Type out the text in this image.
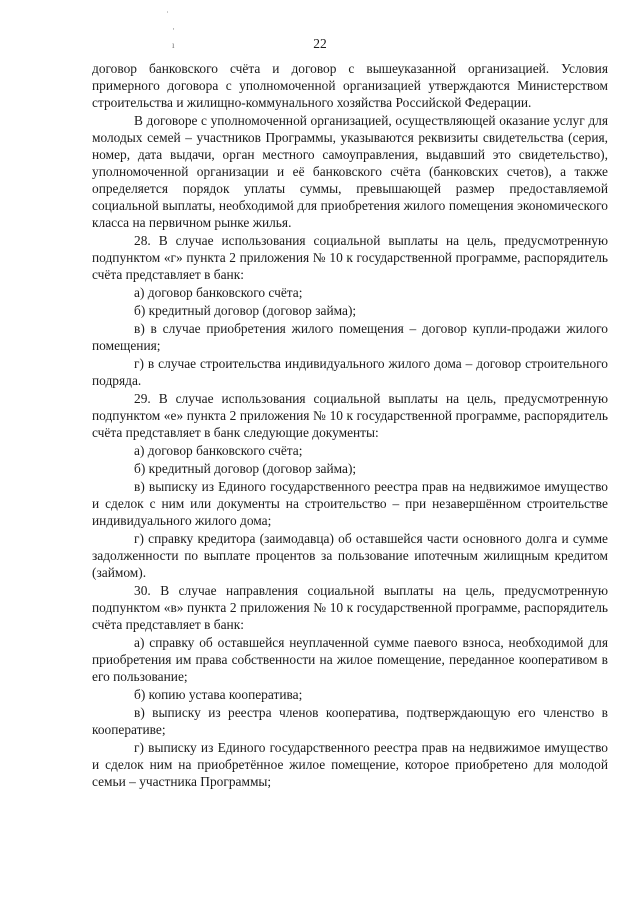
˙
·
ı	22

договор банковского счёта и договор с вышеуказанной организацией. Условия примерного договора с уполномоченной организацией утверждаются Министерством строительства и жилищно-коммунального хозяйства Российской Федерации.

В договоре с уполномоченной организацией, осуществляющей оказание услуг для молодых семей – участников Программы, указываются реквизиты свидетельства (серия, номер, дата выдачи, орган местного самоуправления, выдавший это свидетельство), уполномоченной организации и её банковского счёта (банковских счетов), а также определяется порядок уплаты суммы, превышающей размер предоставляемой социальной выплаты, необходимой для приобретения жилого помещения экономического класса на первичном рынке жилья.

28. В случае использования социальной выплаты на цель, предусмотренную подпунктом «г» пункта 2 приложения № 10 к государственной программе, распорядитель счёта представляет в банк:

а) договор банковского счёта;

б) кредитный договор (договор займа);

в) в случае приобретения жилого помещения – договор купли-продажи жилого помещения;

г) в случае строительства индивидуального жилого дома – договор строительного подряда.

29. В случае использования социальной выплаты на цель, предусмотренную подпунктом «е» пункта 2 приложения № 10 к государственной программе, распорядитель счёта представляет в банк следующие документы:

а) договор банковского счёта;

б) кредитный договор (договор займа);

в) выписку из Единого государственного реестра прав на недвижимое имущество и сделок с ним или документы на строительство – при незавершённом строительстве индивидуального жилого дома;

г) справку кредитора (заимодавца) об оставшейся части основного долга и сумме задолженности по выплате процентов за пользование ипотечным жилищным кредитом (займом).

30. В случае направления социальной выплаты на цель, предусмотренную подпунктом «в» пункта 2 приложения № 10 к государственной программе, распорядитель счёта представляет в банк:

а) справку об оставшейся неуплаченной сумме паевого взноса, необходимой для приобретения им права собственности на жилое помещение, переданное кооперативом в его пользование;

б) копию устава кооператива;

в) выписку из реестра членов кооператива, подтверждающую его членство в кооперативе;

г) выписку из Единого государственного реестра прав на недвижимое имущество и сделок ним на приобретённое жилое помещение, которое приобретено для молодой семьи – участника Программы;
